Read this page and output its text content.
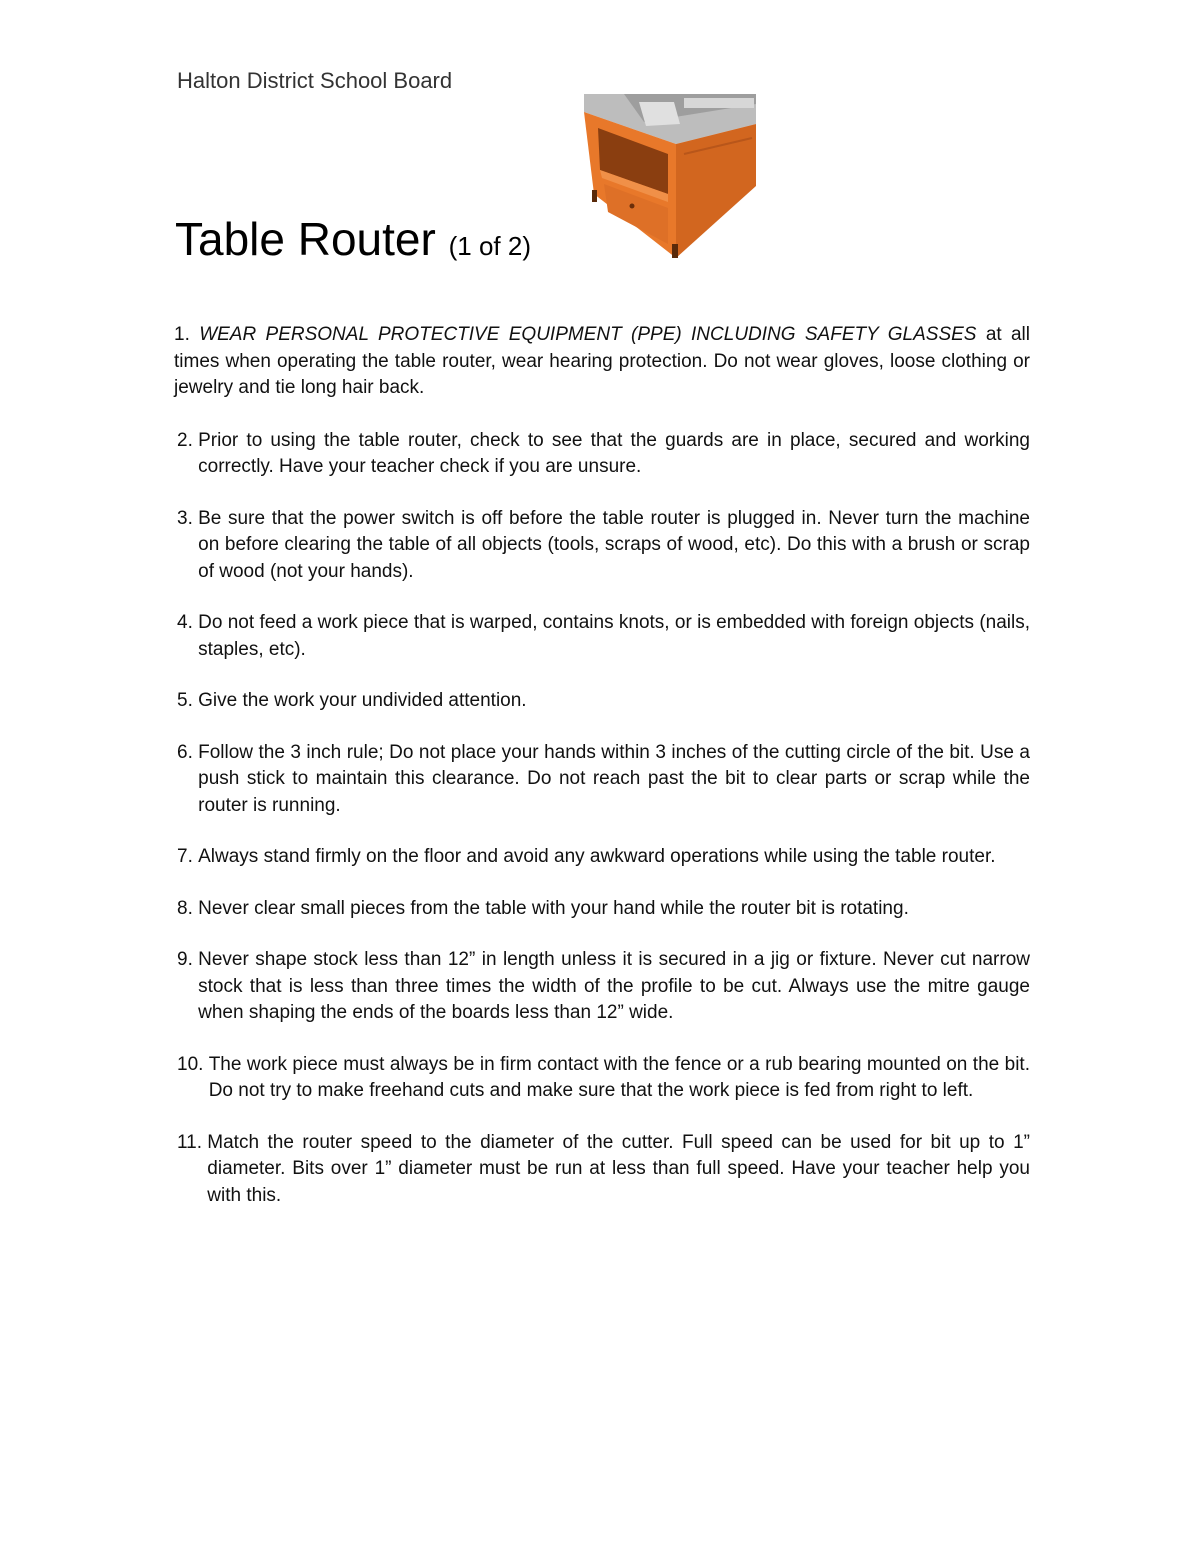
Halton District School Board
Table Router (1 of 2)
1. WEAR PERSONAL PROTECTIVE EQUIPMENT (PPE) INCLUDING SAFETY GLASSES at all times when operating the table router, wear hearing protection. Do not wear gloves, loose clothing or jewelry and tie long hair back.
2. Prior to using the table router, check to see that the guards are in place, secured and working correctly. Have your teacher check if you are unsure.
3. Be sure that the power switch is off before the table router is plugged in. Never turn the machine on before clearing the table of all objects (tools, scraps of wood, etc). Do this with a brush or scrap of wood (not your hands).
4. Do not feed a work piece that is warped, contains knots, or is embedded with foreign objects (nails, staples, etc).
5. Give the work your undivided attention.
6. Follow the 3 inch rule; Do not place your hands within 3 inches of the cutting circle of the bit. Use a push stick to maintain this clearance. Do not reach past the bit to clear parts or scrap while the router is running.
7. Always stand firmly on the floor and avoid any awkward operations while using the table router.
8. Never clear small pieces from the table with your hand while the router bit is rotating.
9. Never shape stock less than 12” in length unless it is secured in a jig or fixture. Never cut narrow stock that is less than three times the width of the profile to be cut. Always use the mitre gauge when shaping the ends of the boards less than 12” wide.
10. The work piece must always be in firm contact with the fence or a rub bearing mounted on the bit. Do not try to make freehand cuts and make sure that the work piece is fed from right to left.
11. Match the router speed to the diameter of the cutter. Full speed can be used for bit up to 1” diameter. Bits over 1” diameter must be run at less than full speed. Have your teacher help you with this.
